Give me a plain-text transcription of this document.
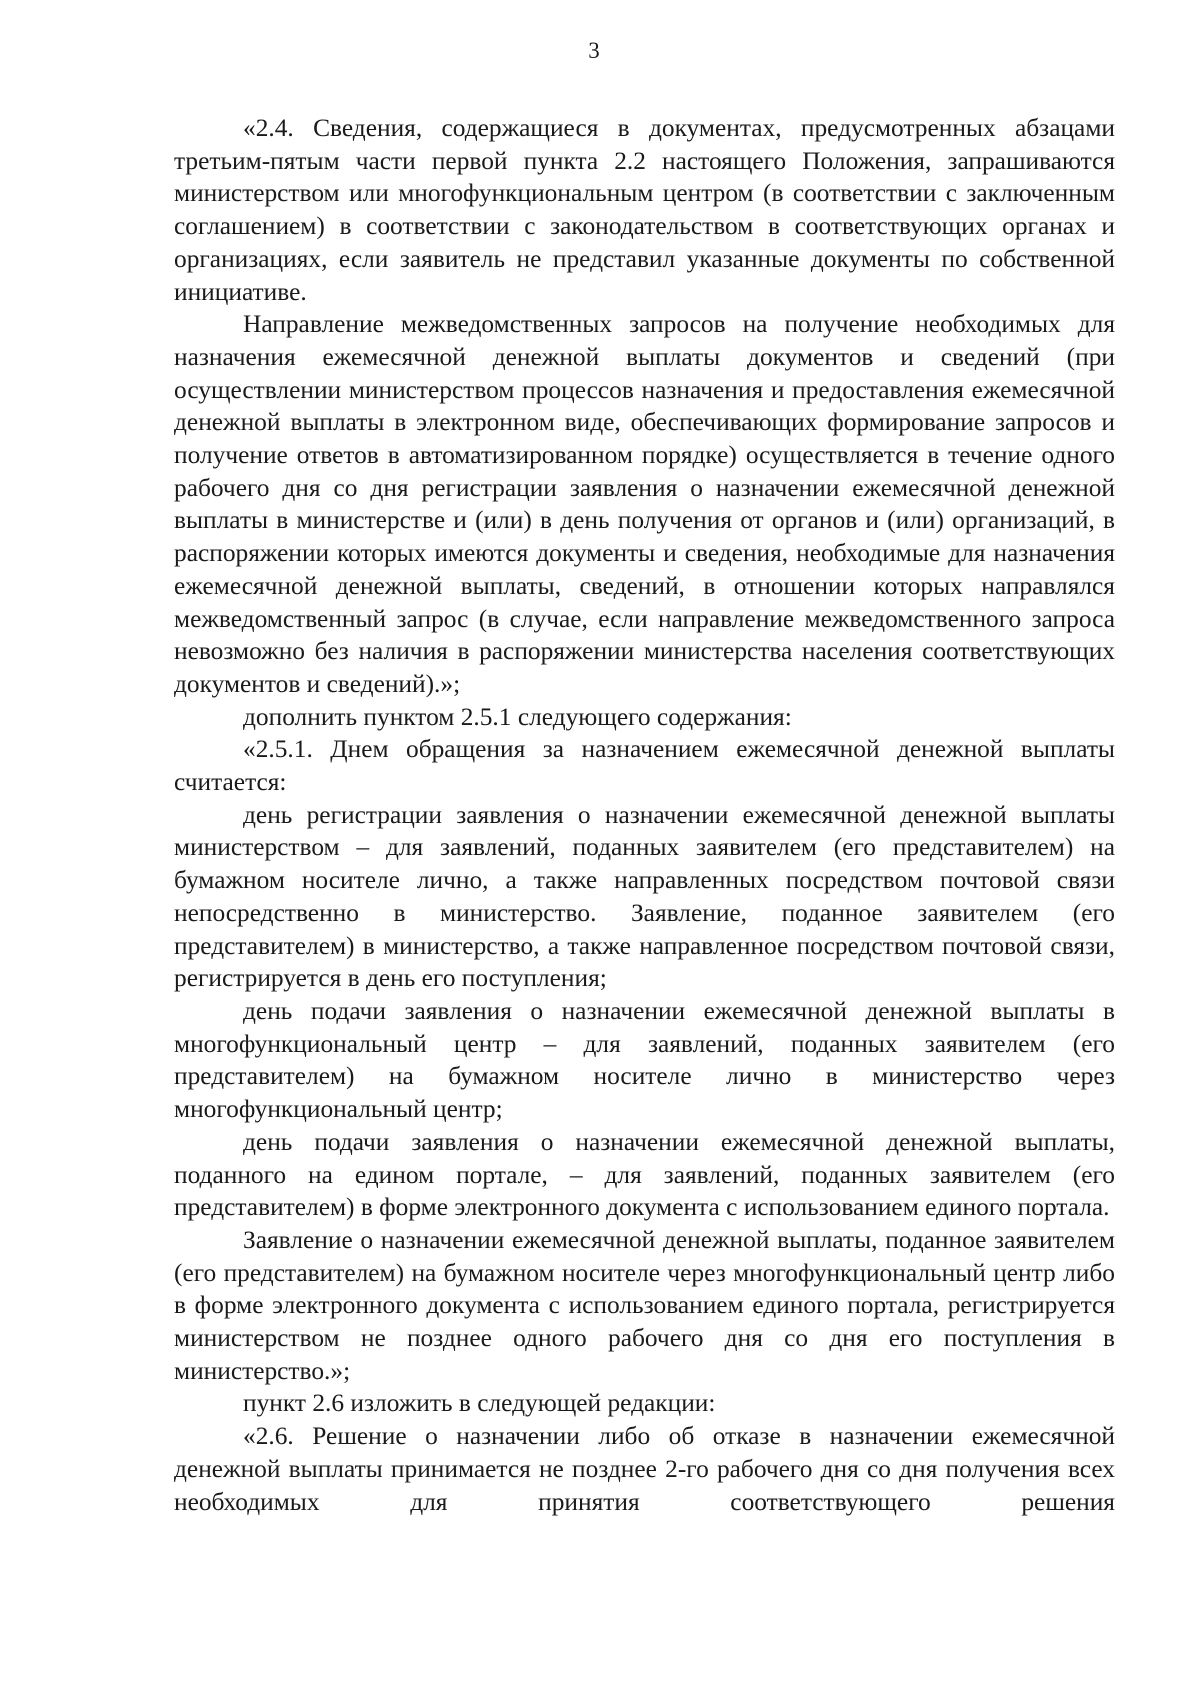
3

«2.4. Сведения, содержащиеся в документах, предусмотренных абзацами третьим-пятым части первой пункта 2.2 настоящего Положения, запрашиваются министерством или многофункциональным центром (в соответствии с заключенным соглашением) в соответствии с законодательством в соответствующих органах и организациях, если заявитель не представил указанные документы по собственной инициативе.

Направление межведомственных запросов на получение необходимых для назначения ежемесячной денежной выплаты документов и сведений (при осуществлении министерством процессов назначения и предоставления ежемесячной денежной выплаты в электронном виде, обеспечивающих формирование запросов и получение ответов в автоматизированном порядке) осуществляется в течение одного рабочего дня со дня регистрации заявления о назначении ежемесячной денежной выплаты в министерстве и (или) в день получения от органов и (или) организаций, в распоряжении которых имеются документы и сведения, необходимые для назначения ежемесячной денежной выплаты, сведений, в отношении которых направлялся межведомственный запрос (в случае, если направление межведомственного запроса невозможно без наличия в распоряжении министерства населения соответствующих документов и сведений).»;

дополнить пунктом 2.5.1 следующего содержания:

«2.5.1. Днем обращения за назначением ежемесячной денежной выплаты считается:

день регистрации заявления о назначении ежемесячной денежной выплаты министерством – для заявлений, поданных заявителем (его представителем) на бумажном носителе лично, а также направленных посредством почтовой связи непосредственно в министерство. Заявление, поданное заявителем (его представителем) в министерство, а также направленное посредством почтовой связи, регистрируется в день его поступления;

день подачи заявления о назначении ежемесячной денежной выплаты в многофункциональный центр – для заявлений, поданных заявителем (его представителем) на бумажном носителе лично в министерство через многофункциональный центр;

день подачи заявления о назначении ежемесячной денежной выплаты, поданного на едином портале, – для заявлений, поданных заявителем (его представителем) в форме электронного документа с использованием единого портала.

Заявление о назначении ежемесячной денежной выплаты, поданное заявителем (его представителем) на бумажном носителе через многофункциональный центр либо в форме электронного документа с использованием единого портала, регистрируется министерством не позднее одного рабочего дня со дня его поступления в министерство.»;

пункт 2.6 изложить в следующей редакции:

«2.6. Решение о назначении либо об отказе в назначении ежемесячной денежной выплаты принимается не позднее 2-го рабочего дня со дня получения всех необходимых для принятия соответствующего решения
